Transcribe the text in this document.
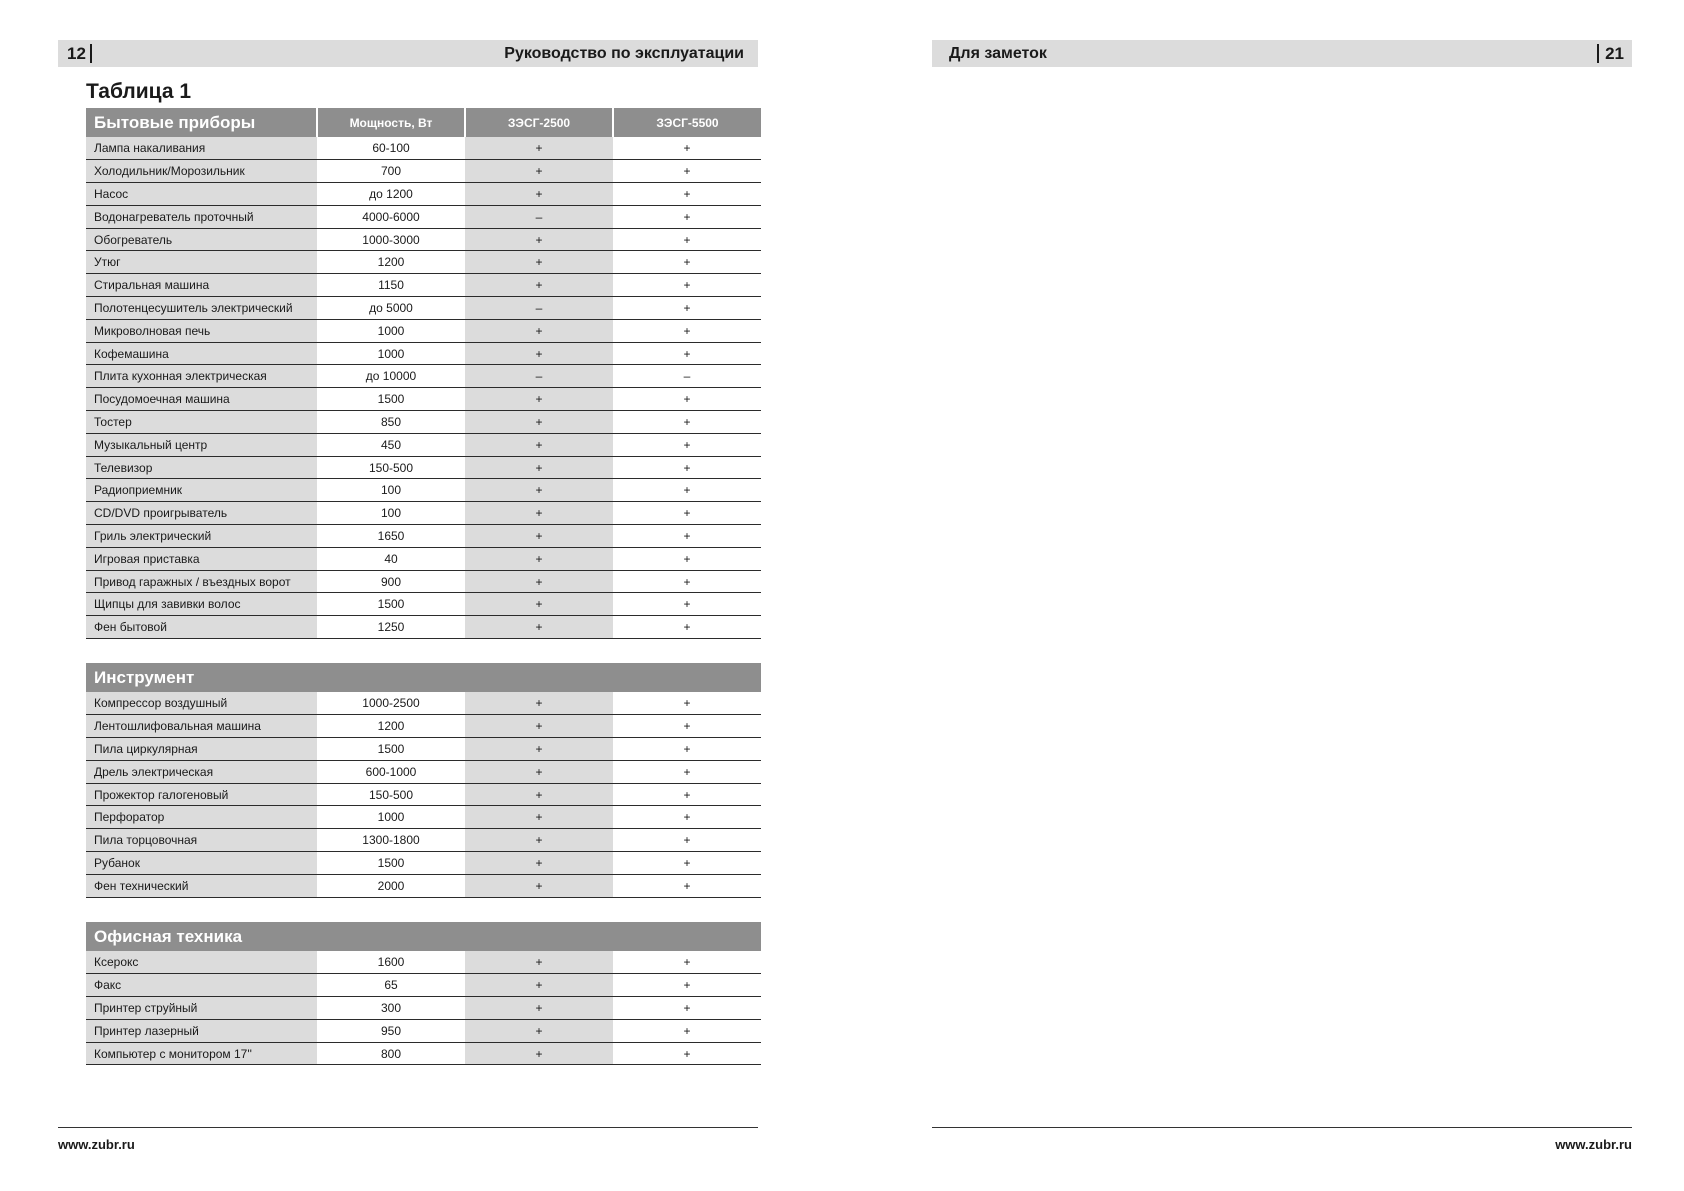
12	Руководство по эксплуатации
Таблица 1
Бытовые приборы	Мощность, Вт	ЗЭСГ-2500	ЗЭСГ-5500
Лампа накаливания	60-100	+	+
Холодильник/Морозильник	700	+	+
Насос	до 1200	+	+
Водонагреватель проточный	4000-6000	–	+
Обогреватель	1000-3000	+	+
Утюг	1200	+	+
Стиральная машина	1150	+	+
Полотенцесушитель электрический	до 5000	–	+
Микроволновая печь	1000	+	+
Кофемашина	1000	+	+
Плита кухонная электрическая	до 10000	–	–
Посудомоечная машина	1500	+	+
Тостер	850	+	+
Музыкальный центр	450	+	+
Телевизор	150-500	+	+
Радиоприемник	100	+	+
CD/DVD проигрыватель	100	+	+
Гриль электрический	1650	+	+
Игровая приставка	40	+	+
Привод гаражных / въездных ворот	900	+	+
Щипцы для завивки волос	1500	+	+
Фен бытовой	1250	+	+
Инструмент			
Компрессор воздушный	1000-2500	+	+
Лентошлифовальная машина	1200	+	+
Пила циркулярная	1500	+	+
Дрель электрическая	600-1000	+	+
Прожектор галогеновый	150-500	+	+
Перфоратор	1000	+	+
Пила торцовочная	1300-1800	+	+
Рубанок	1500	+	+
Фен технический	2000	+	+
Офисная техника			
Ксерокс	1600	+	+
Факс	65	+	+
Принтер струйный	300	+	+
Принтер лазерный	950	+	+
Компьютер с монитором 17''	800	+	+
www.zubr.ru
Для заметок	21
www.zubr.ru
